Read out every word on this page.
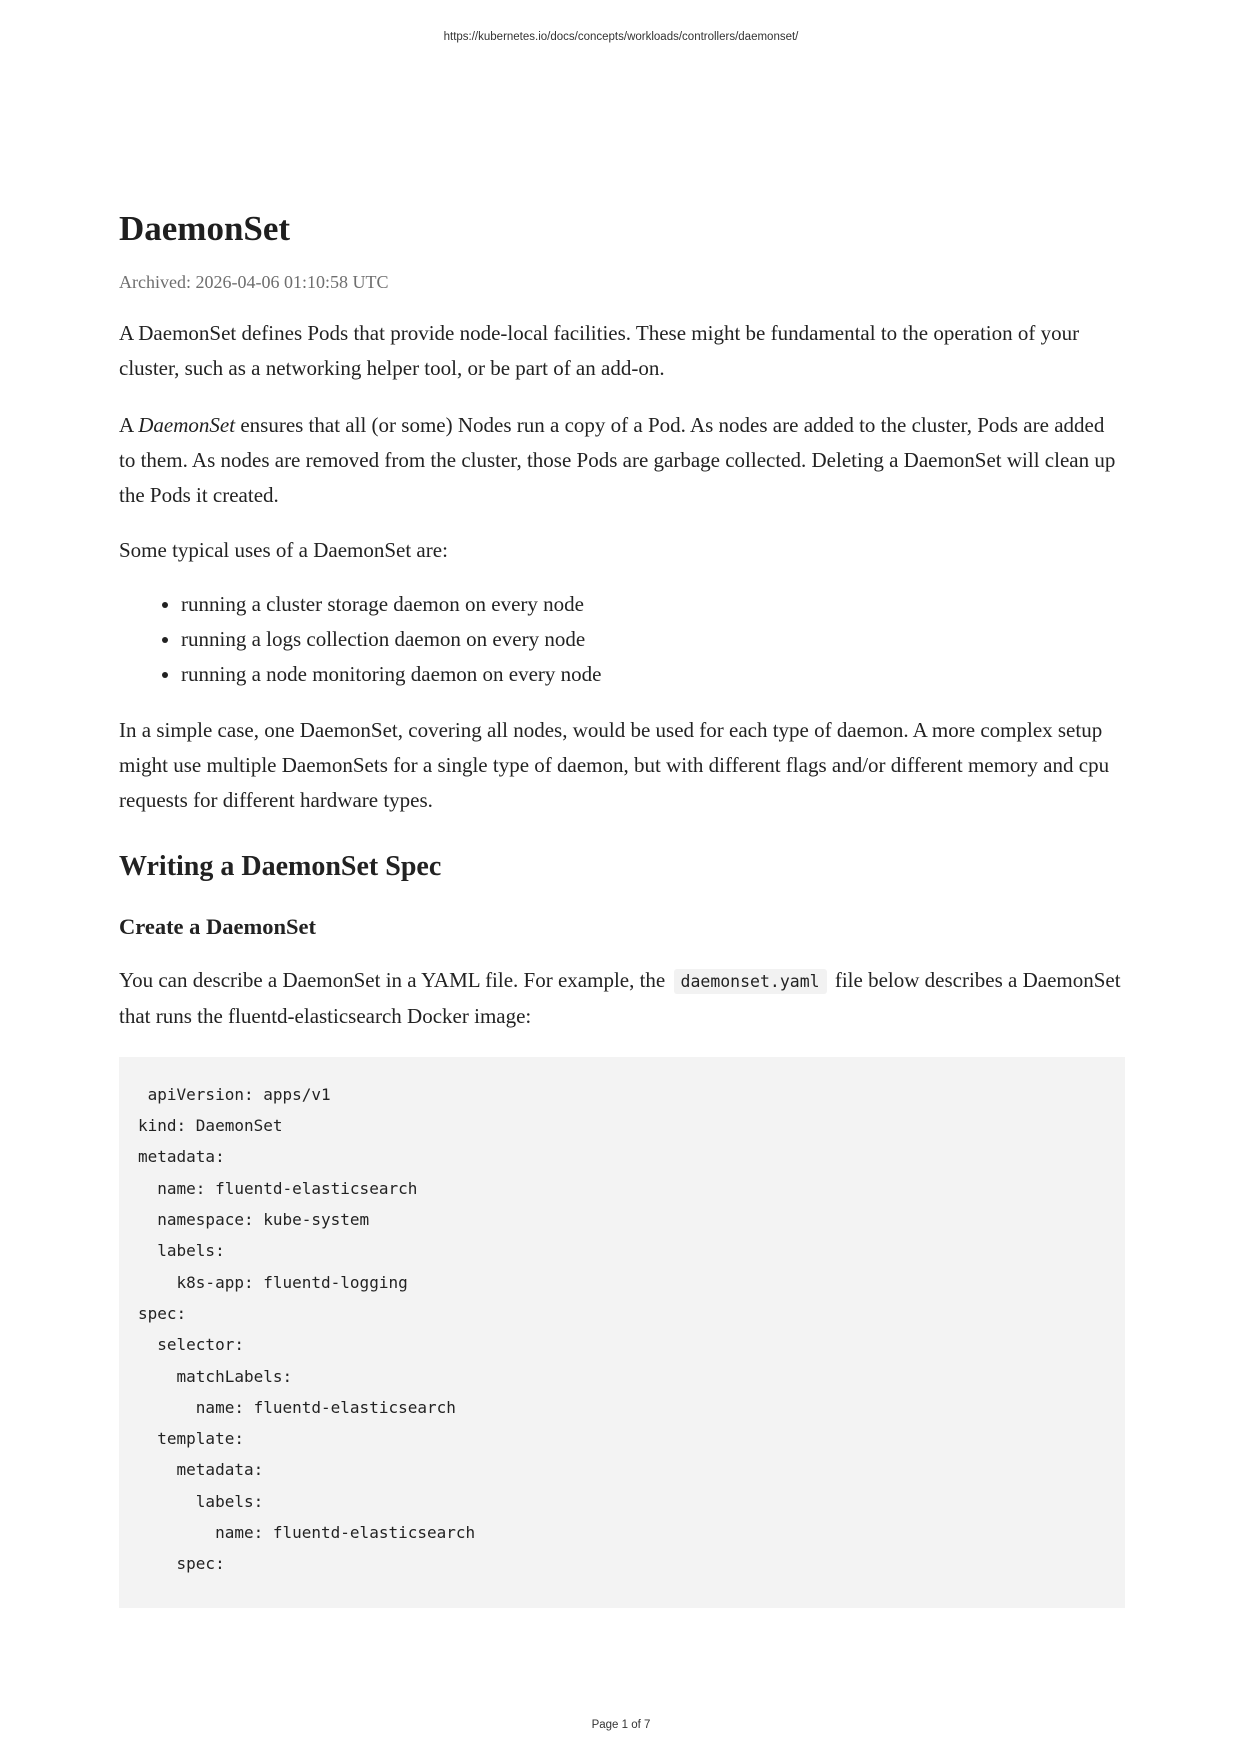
https://kubernetes.io/docs/concepts/workloads/controllers/daemonset/
DaemonSet
Archived: 2026-04-06 01:10:58 UTC

A DaemonSet defines Pods that provide node-local facilities. These might be fundamental to the operation of your cluster, such as a networking helper tool, or be part of an add-on.

A DaemonSet ensures that all (or some) Nodes run a copy of a Pod. As nodes are added to the cluster, Pods are added to them. As nodes are removed from the cluster, those Pods are garbage collected. Deleting a DaemonSet will clean up the Pods it created.

Some typical uses of a DaemonSet are:

• running a cluster storage daemon on every node
• running a logs collection daemon on every node
• running a node monitoring daemon on every node

In a simple case, one DaemonSet, covering all nodes, would be used for each type of daemon. A more complex setup might use multiple DaemonSets for a single type of daemon, but with different flags and/or different memory and cpu requests for different hardware types.

Writing a DaemonSet Spec
Create a DaemonSet

You can describe a DaemonSet in a YAML file. For example, the daemonset.yaml file below describes a DaemonSet that runs the fluentd-elasticsearch Docker image:

apiVersion: apps/v1
kind: DaemonSet
metadata:
name: fluentd-elasticsearch
namespace: kube-system
labels:
k8s-app: fluentd-logging
spec:
selector:
matchLabels:
name: fluentd-elasticsearch
template:
metadata:
labels:
name: fluentd-elasticsearch
spec:
Page 1 of 7
